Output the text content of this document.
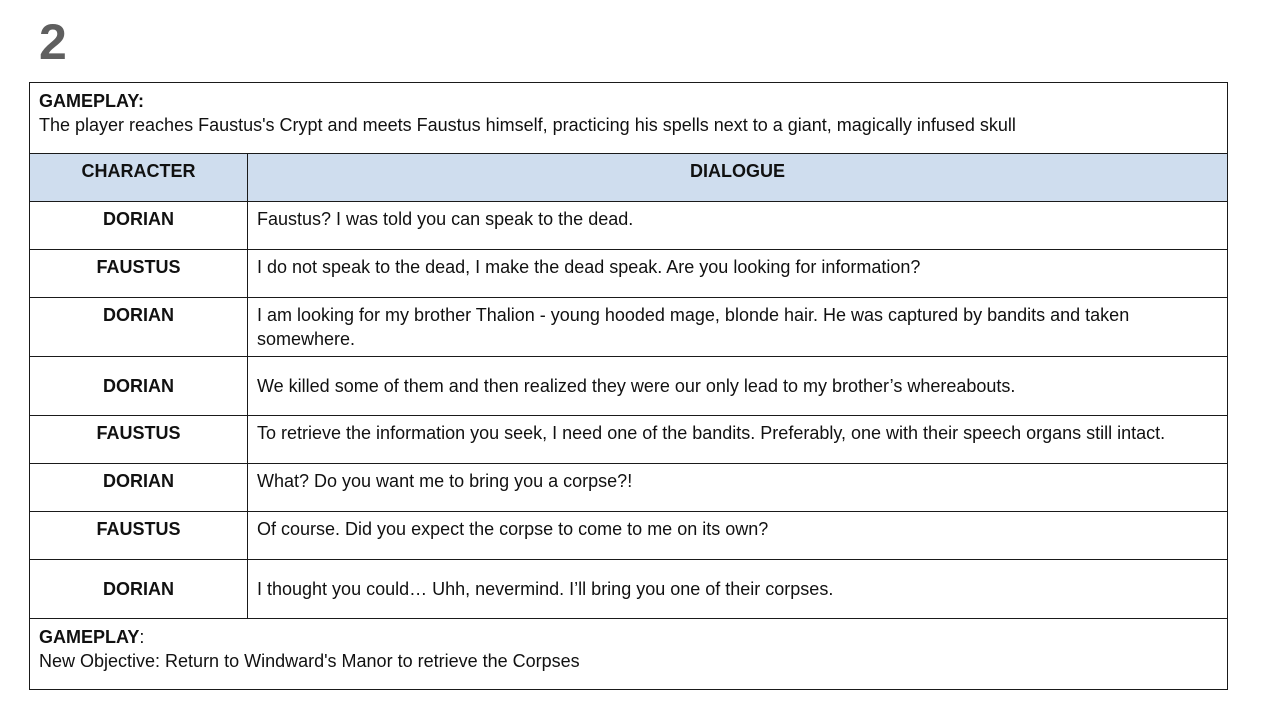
2
GAMEPLAY:
The player reaches Faustus's Crypt and meets Faustus himself, practicing his spells next to a giant, magically infused skull	

CHARACTER	DIALOGUE
DORIAN	Faustus? I was told you can speak to the dead.
FAUSTUS	I do not speak to the dead, I make the dead speak. Are you looking for information?
DORIAN	I am looking for my brother Thalion - young hooded mage, blonde hair. He was captured by bandits and taken somewhere.
DORIAN	We killed some of them and then realized they were our only lead to my brother’s whereabouts.
FAUSTUS	To retrieve the information you seek, I need one of the bandits. Preferably, one with their speech organs still intact.
DORIAN	What? Do you want me to bring you a corpse?!
FAUSTUS	Of course. Did you expect the corpse to come to me on its own?
DORIAN	I thought you could… Uhh, nevermind. I’ll bring you one of their corpses.

GAMEPLAY:
New Objective: Return to Windward's Manor to retrieve the Corpses	
